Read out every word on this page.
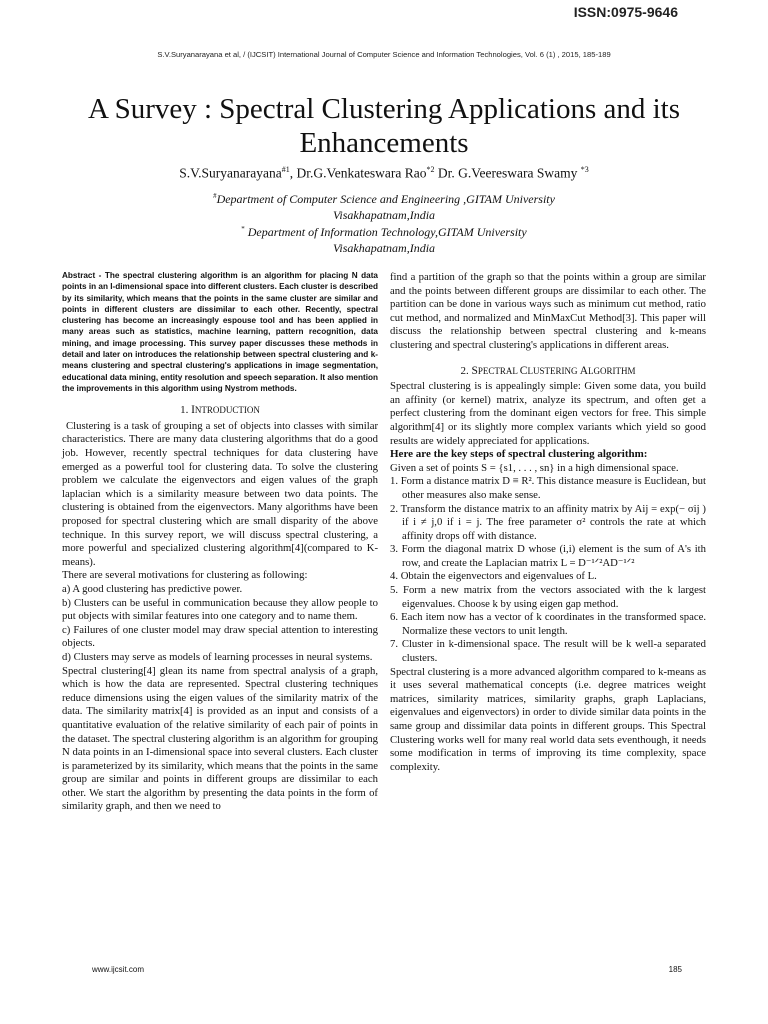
ISSN:0975-9646
S.V.Suryanarayana et al, / (IJCSIT) International Journal of Computer Science and Information Technologies, Vol. 6 (1) , 2015, 185-189
A Survey : Spectral Clustering Applications and its Enhancements
S.V.Suryanarayana$^{\#1}$, Dr.G.Venkateswara Rao$^{*2}$ Dr. G.Veereswara Swamy $^{*3}$
#Department of Computer Science and Engineering ,GITAM University
Visakhapatnam,India
* Department of Information Technology,GITAM University
Visakhapatnam,India

Abstract - The spectral clustering algorithm is an algorithm for placing N data points in an I-dimensional space into different clusters. Each cluster is described by its similarity, which means that the points in the same cluster are similar and points in different clusters are dissimilar to each other. Recently, spectral clustering has become an increasingly espouse tool and has been applied in many areas such as statistics, machine learning, pattern recognition, data mining, and image processing. This survey paper discusses these methods in detail and later on introduces the relationship between spectral clustering and k-means clustering and spectral clustering's applications in image segmentation, educational data mining, entity resolution and speech separation. It also mention the improvements in this algorithm using Nystrom methods.

1. INTRODUCTION

Clustering is a task of grouping a set of objects into classes with similar characteristics. There are many data clustering algorithms that do a good job. However, recently spectral techniques for data clustering have emerged as a powerful tool for clustering data. To solve the clustering problem we calculate the eigenvectors and eigen values of the graph laplacian which is a similarity measure between two data points. The clustering is obtained from the eigenvectors. Many algorithms have been proposed for spectral clustering which are small disparity of the above technique. In this survey report, we will discuss spectral clustering, a more powerful and specialized clustering algorithm[4](compared to K-means).

There are several motivations for clustering as following:

a) A good clustering has predictive power.

b) Clusters can be useful in communication because they allow people to put objects with similar features into one category and to name them.

c) Failures of one cluster model may draw special attention to interesting objects.

d) Clusters may serve as models of learning processes in neural systems.

Spectral clustering[4] glean its name from spectral analysis of a graph, which is how the data are represented. Spectral clustering techniques reduce dimensions using the eigen values of the similarity matrix of the data. The similarity matrix[4] is provided as an input and consists of a quantitative evaluation of the relative similarity of each pair of points in the dataset. The spectral clustering algorithm is an algorithm for grouping N data points in an I-dimensional space into several clusters. Each cluster is parameterized by its similarity, which means that the points in the same group are similar and points in different groups are dissimilar to each other. We start the algorithm by presenting the data points in the form of similarity graph, and then we need to

find a partition of the graph so that the points within a group are similar and the points between different groups are dissimilar to each other. The partition can be done in various ways such as minimum cut method, ratio cut method, and normalized and MinMaxCut Method[3]. This paper will discuss the relationship between spectral clustering and k-means clustering and spectral clustering's applications in different areas.

2. SPECTRAL CLUSTERING ALGORITHM

Spectral clustering is is appealingly simple: Given some data, you build an affinity (or kernel) matrix, analyze its spectrum, and often get a perfect clustering from the dominant eigen vectors for free. This simple algorithm[4] or its slightly more complex variants which yield so good results are widely appreciated for applications.

Here are the key steps of spectral clustering algorithm:

Given a set of points S = {s1, . . . , sn} in a high dimensional space.

1. Form a distance matrix D ≡ R². This distance measure is Euclidean, but other measures also make sense.
2. Transform the distance matrix to an affinity matrix by Aij = exp(− σij ) if i ≠ j,0 if i = j. The free parameter σ² controls the rate at which affinity drops off with distance.
3. Form the diagonal matrix D whose (i,i) element is the sum of A's ith row, and create the Laplacian matrix L = D⁻¹ᐟ²AD⁻¹ᐟ²
4. Obtain the eigenvectors and eigenvalues of L.
5. Form a new matrix from the vectors associated with the k largest eigenvalues. Choose k by using eigen gap method.
6. Each item now has a vector of k coordinates in the transformed space. Normalize these vectors to unit length.
7. Cluster in k-dimensional space. The result will be k well-a separated clusters.

Spectral clustering is a more advanced algorithm compared to k-means as it uses several mathematical concepts (i.e. degree matrices weight matrices, similarity matrices, similarity graphs, graph Laplacians, eigenvalues and eigenvectors) in order to divide similar data points in the same group and dissimilar data points in different groups. This Spectral Clustering works well for many real world data sets eventhough, it needs some modification in terms of improving its time complexity, space complexity.

www.ijcsit.com	185
